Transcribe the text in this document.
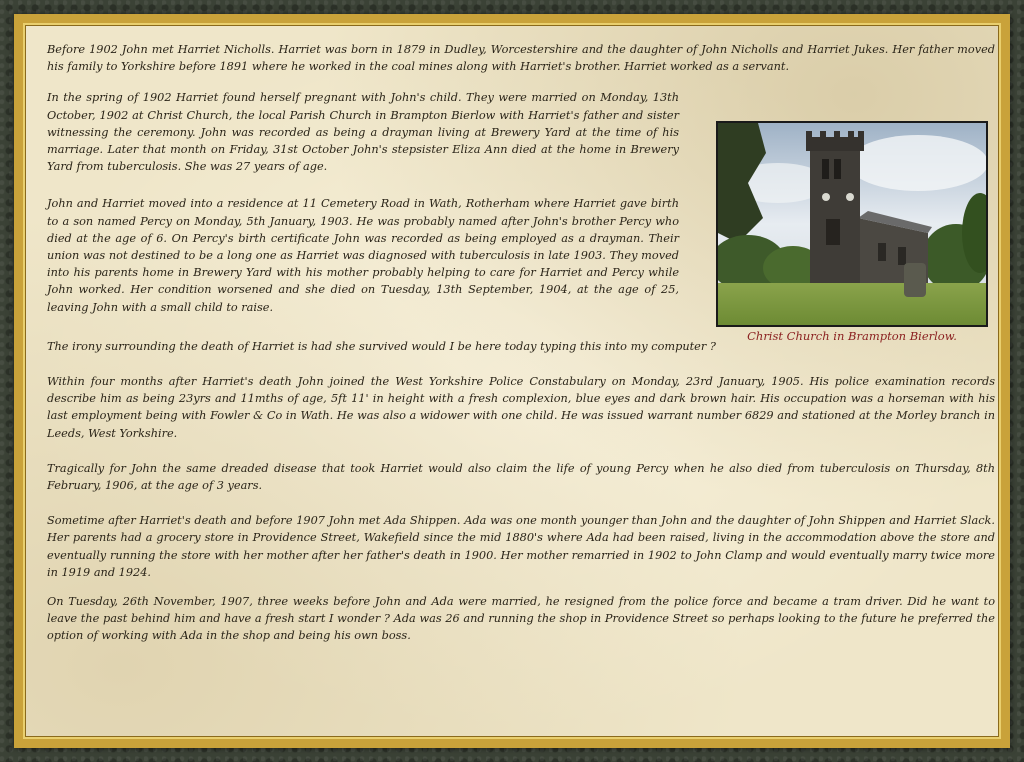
Before 1902 John met Harriet Nicholls. Harriet was born in 1879 in Dudley, Worcestershire and the daughter of John Nicholls and Harriet Jukes. Her father moved his family to Yorkshire before 1891 where he worked in the coal mines along with Harriet's brother. Harriet worked as a servant.

In the spring of 1902 Harriet found herself pregnant with John's child. They were married on Monday, 13th October, 1902 at Christ Church, the local Parish Church in Brampton Bierlow with Harriet's father and sister witnessing the ceremony. John was recorded as being a drayman living at Brewery Yard at the time of his marriage. Later that month on Friday, 31st October John's stepsister Eliza Ann died at the home in Brewery Yard from tuberculosis. She was 27 years of age.

John and Harriet moved into a residence at 11 Cemetery Road in Wath, Rotherham where Harriet gave birth to a son named Percy on Monday, 5th January, 1903. He was probably named after John's brother Percy who died at the age of 6. On Percy's birth certificate John was recorded as being employed as a drayman. Their union was not destined to be a long one as Harriet was diagnosed with tuberculosis in late 1903. They moved into his parents home in Brewery Yard with his mother probably helping to care for Harriet and Percy while John worked. Her condition worsened and she died on Tuesday, 13th September, 1904, at the age of 25, leaving John with a small child to raise.

The irony surrounding the death of Harriet is had she survived would I be here today typing this into my computer ?

Within four months after Harriet's death John joined the West Yorkshire Police Constabulary on Monday, 23rd January, 1905. His police examination records describe him as being 23yrs and 11mths of age, 5ft 11' in height with a fresh complexion, blue eyes and dark brown hair. His occupation was a horseman with his last employment being with Fowler & Co in Wath. He was also a widower with one child. He was issued warrant number 6829 and stationed at the Morley branch in Leeds, West Yorkshire.

Tragically for John the same dreaded disease that took Harriet would also claim the life of young Percy when he also died from tuberculosis on Thursday, 8th February, 1906, at the age of 3 years.

Sometime after Harriet's death and before 1907 John met Ada Shippen. Ada was one month younger than John and the daughter of John Shippen and Harriet Slack. Her parents had a grocery store in Providence Street, Wakefield since the mid 1880's where Ada had been raised, living in the accommodation above the store and eventually running the store with her mother after her father's death in 1900. Her mother remarried in 1902 to John Clamp and would eventually marry twice more in 1919 and 1924.

On Tuesday, 26th November, 1907, three weeks before John and Ada were married, he resigned from the police force and became a tram driver. Did he want to leave the past behind him and have a fresh start I wonder ? Ada was 26 and running the shop in Providence Street so perhaps looking to the future he preferred the option of working with Ada in the shop and being his own boss.

Christ Church in Brampton Bierlow.
